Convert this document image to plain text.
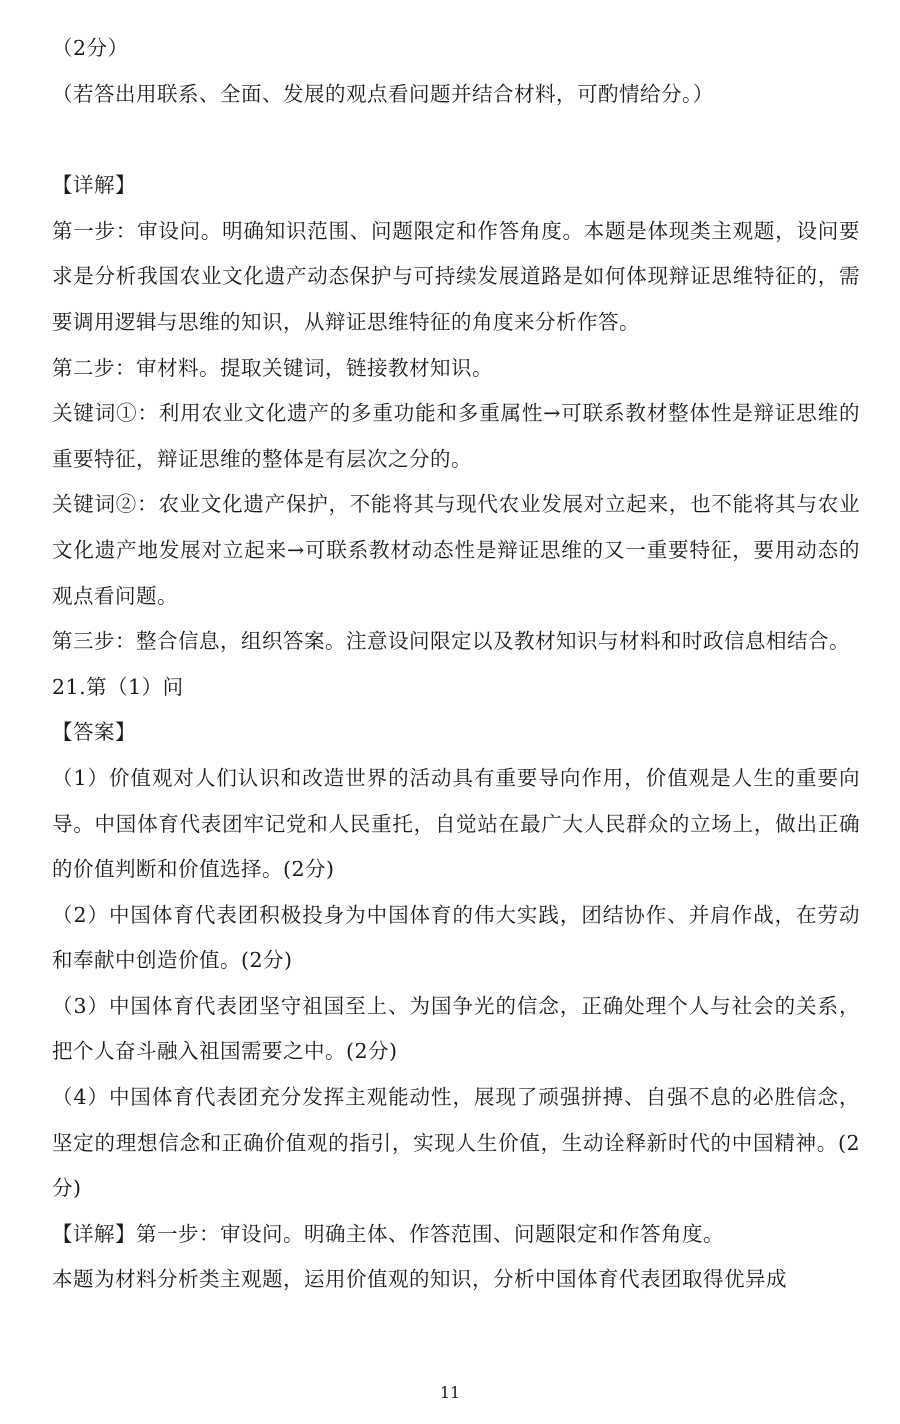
（2分）

（若答出用联系、全面、发展的观点看问题并结合材料，可酌情给分。）

【详解】

第一步：审设问。明确知识范围、问题限定和作答角度。本题是体现类主观题，设问要求是分析我国农业文化遗产动态保护与可持续发展道路是如何体现辩证思维特征的，需要调用逻辑与思维的知识，从辩证思维特征的角度来分析作答。

第二步：审材料。提取关键词，链接教材知识。

关键词①：利用农业文化遗产的多重功能和多重属性→可联系教材整体性是辩证思维的重要特征，辩证思维的整体是有层次之分的。

关键词②：农业文化遗产保护，不能将其与现代农业发展对立起来，也不能将其与农业文化遗产地发展对立起来→可联系教材动态性是辩证思维的又一重要特征，要用动态的观点看问题。

第三步：整合信息，组织答案。注意设问限定以及教材知识与材料和时政信息相结合。

21.第（1）问

【答案】

（1）价值观对人们认识和改造世界的活动具有重要导向作用，价值观是人生的重要向导。中国体育代表团牢记党和人民重托，自觉站在最广大人民群众的立场上，做出正确的价值判断和价值选择。(2分)

（2）中国体育代表团积极投身为中国体育的伟大实践，团结协作、并肩作战，在劳动和奉献中创造价值。(2分)

（3）中国体育代表团坚守祖国至上、为国争光的信念，正确处理个人与社会的关系，把个人奋斗融入祖国需要之中。(2分)

（4）中国体育代表团充分发挥主观能动性，展现了顽强拼搏、自强不息的必胜信念，坚定的理想信念和正确价值观的指引，实现人生价值，生动诠释新时代的中国精神。(2分)

【详解】第一步：审设问。明确主体、作答范围、问题限定和作答角度。

本题为材料分析类主观题，运用价值观的知识，分析中国体育代表团取得优异成

11
